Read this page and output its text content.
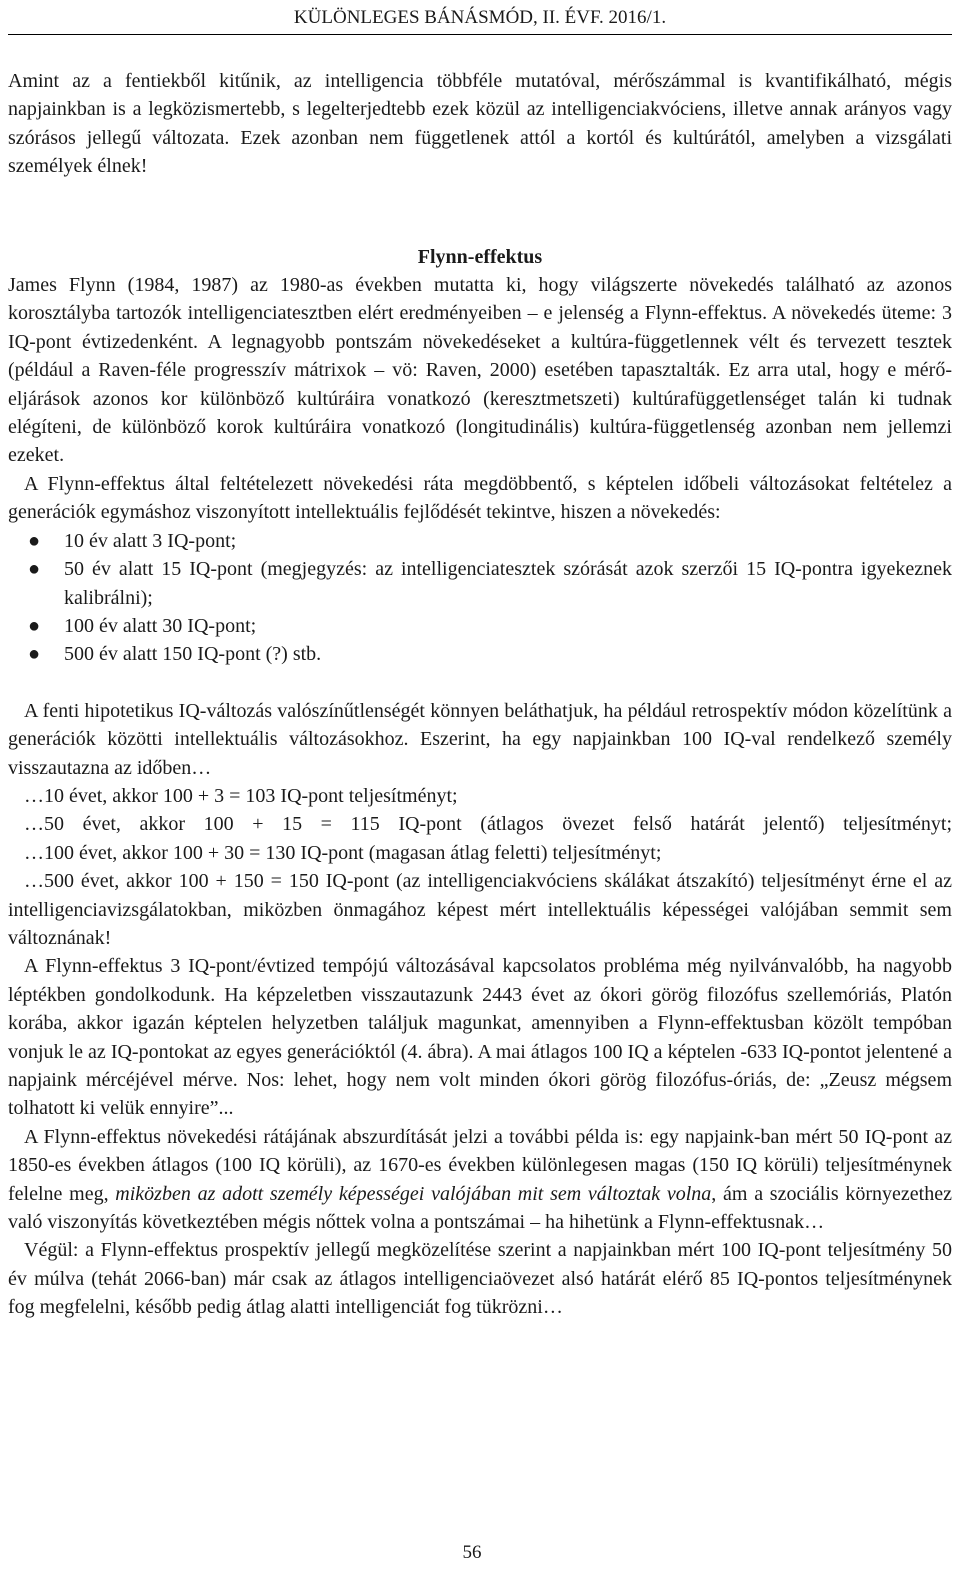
KÜLÖNLEGES BÁNÁSMÓD, II. ÉVF. 2016/1.

Amint az a fentiekből kitűnik, az intelligencia többféle mutatóval, mérőszámmal is kvantifikálható, mégis napjainkban is a legközismertebb, s legelterjedtebb ezek közül az intelligenciakvóciens, illetve annak arányos vagy szórásos jellegű változata. Ezek azonban nem függetlenek attól a kortól és kultúrától, amelyben a vizsgálati személyek élnek!

Flynn-effektus

James Flynn (1984, 1987) az 1980-as években mutatta ki, hogy világszerte növekedés található az azonos korosztályba tartozók intelligenciatesztben elért eredményeiben – e jelenség a Flynn-effektus. A növekedés üteme: 3 IQ-pont évtizedenként. A legnagyobb pontszám növekedéseket a kultúra-függetlennek vélt és tervezett tesztek (például a Raven-féle progresszív mátrixok – vö: Raven, 2000) esetében tapasztalták. Ez arra utal, hogy e mérő-eljárások azonos kor különböző kultúráira vonatkozó (keresztmetszeti) kultúrafüggetlenséget talán ki tudnak elégíteni, de különböző korok kultúráira vonatkozó (longitudinális) kultúra-függetlenség azonban nem jellemzi ezeket.

A Flynn-effektus által feltételezett növekedési ráta megdöbbentő, s képtelen időbeli változásokat feltételez a generációk egymáshoz viszonyított intellektuális fejlődését tekintve, hiszen a növekedés:

● 10 év alatt 3 IQ-pont;
● 50 év alatt 15 IQ-pont (megjegyzés: az intelligenciatesztek szórását azok szerzői 15 IQ-pontra igyekeznek kalibrálni);
● 100 év alatt 30 IQ-pont;
● 500 év alatt 150 IQ-pont (?) stb.

A fenti hipotetikus IQ-változás valószínűtlenségét könnyen beláthatjuk, ha például retrospektív módon közelítünk a generációk közötti intellektuális változásokhoz. Eszerint, ha egy napjainkban 100 IQ-val rendelkező személy visszautazna az időben…

…10 évet, akkor 100 + 3 = 103 IQ-pont teljesítményt;
…50 évet, akkor 100 + 15 = 115 IQ-pont (átlagos övezet felső határát jelentő) teljesítményt;
…100 évet, akkor 100 + 30 = 130 IQ-pont (magasan átlag feletti) teljesítményt;

…500 évet, akkor 100 + 150 = 150 IQ-pont (az intelligenciakvóciens skálákat átszakító) teljesítményt érne el az intelligenciavizsgálatokban, miközben önmagához képest mért intellektuális képességei valójában semmit sem változnának!

A Flynn-effektus 3 IQ-pont/évtized tempójú változásával kapcsolatos probléma még nyilvánvalóbb, ha nagyobb léptékben gondolkodunk. Ha képzeletben visszautazunk 2443 évet az ókori görög filozófus szellemóriás, Platón korába, akkor igazán képtelen helyzetben találjuk magunkat, amennyiben a Flynn-effektusban közölt tempóban vonjuk le az IQ-pontokat az egyes generációktól (4. ábra). A mai átlagos 100 IQ a képtelen -633 IQ-pontot jelentené a napjaink mércéjével mérve. Nos: lehet, hogy nem volt minden ókori görög filozófus-óriás, de: „Zeusz mégsem tolhatott ki velük ennyire”...

A Flynn-effektus növekedési rátájának abszurdítását jelzi a további példa is: egy napjaink-ban mért 50 IQ-pont az 1850-es években átlagos (100 IQ körüli), az 1670-es években különlegesen magas (150 IQ körüli) teljesítménynek felelne meg, miközben az adott személy képességei valójában mit sem változtak volna, ám a szociális környezethez való viszonyítás következtében mégis nőttek volna a pontszámai – ha hihetünk a Flynn-effektusnak…

Végül: a Flynn-effektus prospektív jellegű megközelítése szerint a napjainkban mért 100 IQ-pont teljesítmény 50 év múlva (tehát 2066-ban) már csak az átlagos intelligenciaövezet alsó határát elérő 85 IQ-pontos teljesítménynek fog megfelelni, később pedig átlag alatti intelligenciát fog tükrözni…

56
